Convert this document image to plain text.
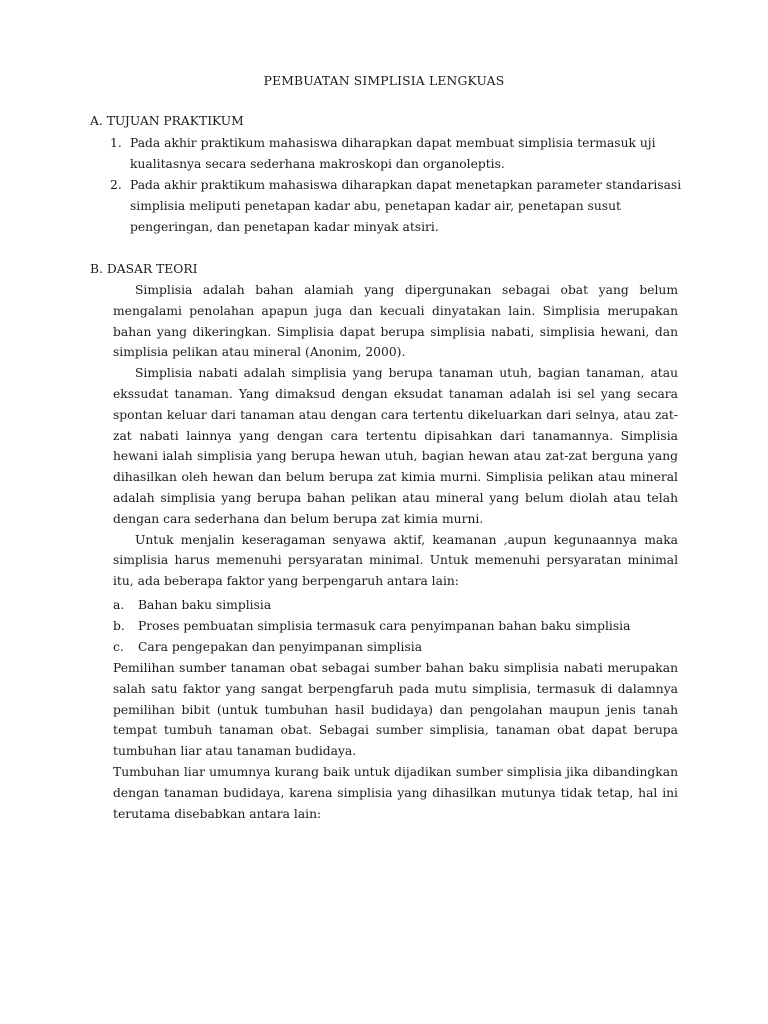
PEMBUATAN SIMPLISIA LENGKUAS
A. TUJUAN PRAKTIKUM
1. Pada akhir praktikum mahasiswa diharapkan dapat membuat simplisia termasuk uji
kualitasnya secara sederhana makroskopi dan organoleptis.
2. Pada akhir praktikum mahasiswa diharapkan dapat menetapkan parameter standarisasi
simplisia meliputi penetapan kadar abu, penetapan kadar air, penetapan susut
pengeringan, dan penetapan kadar minyak atsiri.
B. DASAR TEORI

Simplisia adalah bahan alamiah yang dipergunakan sebagai obat yang belum mengalami penolahan apapun juga dan kecuali dinyatakan lain. Simplisia merupakan bahan yang dikeringkan. Simplisia dapat berupa simplisia nabati, simplisia hewani, dan simplisia pelikan atau mineral (Anonim, 2000).

Simplisia nabati adalah simplisia yang berupa tanaman utuh, bagian tanaman, atau ekssudat tanaman. Yang dimaksud dengan eksudat tanaman adalah isi sel yang secara spontan keluar dari tanaman atau dengan cara tertentu dikeluarkan dari selnya, atau zat-zat nabati lainnya yang dengan cara tertentu dipisahkan dari tanamannya. Simplisia hewani ialah simplisia yang berupa hewan utuh, bagian hewan atau zat-zat berguna yang dihasilkan oleh hewan dan belum berupa zat kimia murni. Simplisia pelikan atau mineral adalah simplisia yang berupa bahan pelikan atau mineral yang belum diolah atau telah dengan cara sederhana dan belum berupa zat kimia murni.

Untuk menjalin keseragaman senyawa aktif, keamanan ,aupun kegunaannya maka simplisia harus memenuhi persyaratan minimal. Untuk memenuhi persyaratan minimal itu, ada beberapa faktor yang berpengaruh antara lain:

a. Bahan baku simplisia
b. Proses pembuatan simplisia termasuk cara penyimpanan bahan baku simplisia
c. Cara pengepakan dan penyimpanan simplisia

Pemilihan sumber tanaman obat sebagai sumber bahan baku simplisia nabati merupakan salah satu faktor yang sangat berpengfaruh pada mutu simplisia, termasuk di dalamnya pemilihan bibit (untuk tumbuhan hasil budidaya) dan pengolahan maupun jenis tanah tempat tumbuh tanaman obat. Sebagai sumber simplisia, tanaman obat dapat berupa tumbuhan liar atau tanaman budidaya.

Tumbuhan liar umumnya kurang baik untuk dijadikan sumber simplisia jika dibandingkan dengan tanaman budidaya, karena simplisia yang dihasilkan mutunya tidak tetap, hal ini terutama disebabkan antara lain:
